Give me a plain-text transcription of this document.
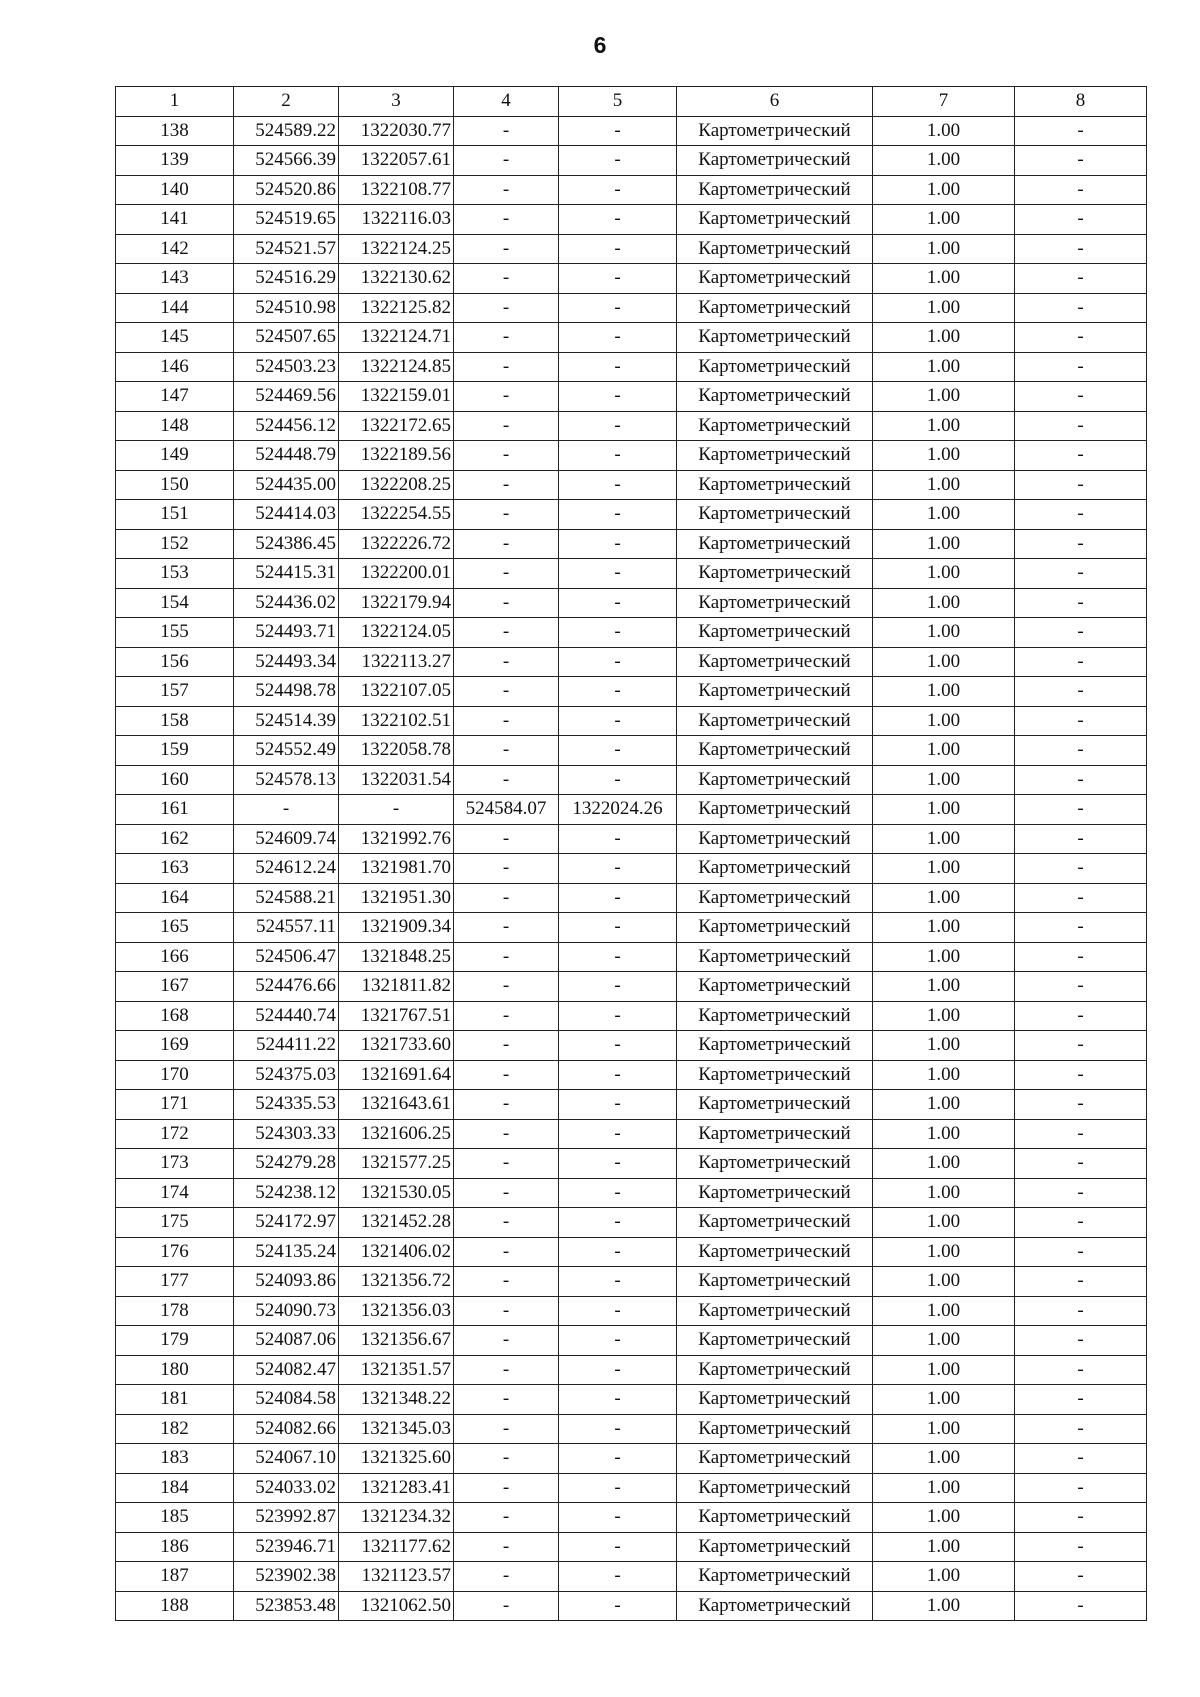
6
1	2	3	4	5	6	7	8
138	524589.22	1322030.77	-	-	Картометрический	1.00	-
139	524566.39	1322057.61	-	-	Картометрический	1.00	-
140	524520.86	1322108.77	-	-	Картометрический	1.00	-
141	524519.65	1322116.03	-	-	Картометрический	1.00	-
142	524521.57	1322124.25	-	-	Картометрический	1.00	-
143	524516.29	1322130.62	-	-	Картометрический	1.00	-
144	524510.98	1322125.82	-	-	Картометрический	1.00	-
145	524507.65	1322124.71	-	-	Картометрический	1.00	-
146	524503.23	1322124.85	-	-	Картометрический	1.00	-
147	524469.56	1322159.01	-	-	Картометрический	1.00	-
148	524456.12	1322172.65	-	-	Картометрический	1.00	-
149	524448.79	1322189.56	-	-	Картометрический	1.00	-
150	524435.00	1322208.25	-	-	Картометрический	1.00	-
151	524414.03	1322254.55	-	-	Картометрический	1.00	-
152	524386.45	1322226.72	-	-	Картометрический	1.00	-
153	524415.31	1322200.01	-	-	Картометрический	1.00	-
154	524436.02	1322179.94	-	-	Картометрический	1.00	-
155	524493.71	1322124.05	-	-	Картометрический	1.00	-
156	524493.34	1322113.27	-	-	Картометрический	1.00	-
157	524498.78	1322107.05	-	-	Картометрический	1.00	-
158	524514.39	1322102.51	-	-	Картометрический	1.00	-
159	524552.49	1322058.78	-	-	Картометрический	1.00	-
160	524578.13	1322031.54	-	-	Картометрический	1.00	-
161	-	-	524584.07	1322024.26	Картометрический	1.00	-
162	524609.74	1321992.76	-	-	Картометрический	1.00	-
163	524612.24	1321981.70	-	-	Картометрический	1.00	-
164	524588.21	1321951.30	-	-	Картометрический	1.00	-
165	524557.11	1321909.34	-	-	Картометрический	1.00	-
166	524506.47	1321848.25	-	-	Картометрический	1.00	-
167	524476.66	1321811.82	-	-	Картометрический	1.00	-
168	524440.74	1321767.51	-	-	Картометрический	1.00	-
169	524411.22	1321733.60	-	-	Картометрический	1.00	-
170	524375.03	1321691.64	-	-	Картометрический	1.00	-
171	524335.53	1321643.61	-	-	Картометрический	1.00	-
172	524303.33	1321606.25	-	-	Картометрический	1.00	-
173	524279.28	1321577.25	-	-	Картометрический	1.00	-
174	524238.12	1321530.05	-	-	Картометрический	1.00	-
175	524172.97	1321452.28	-	-	Картометрический	1.00	-
176	524135.24	1321406.02	-	-	Картометрический	1.00	-
177	524093.86	1321356.72	-	-	Картометрический	1.00	-
178	524090.73	1321356.03	-	-	Картометрический	1.00	-
179	524087.06	1321356.67	-	-	Картометрический	1.00	-
180	524082.47	1321351.57	-	-	Картометрический	1.00	-
181	524084.58	1321348.22	-	-	Картометрический	1.00	-
182	524082.66	1321345.03	-	-	Картометрический	1.00	-
183	524067.10	1321325.60	-	-	Картометрический	1.00	-
184	524033.02	1321283.41	-	-	Картометрический	1.00	-
185	523992.87	1321234.32	-	-	Картометрический	1.00	-
186	523946.71	1321177.62	-	-	Картометрический	1.00	-
187	523902.38	1321123.57	-	-	Картометрический	1.00	-
188	523853.48	1321062.50	-	-	Картометрический	1.00	-
